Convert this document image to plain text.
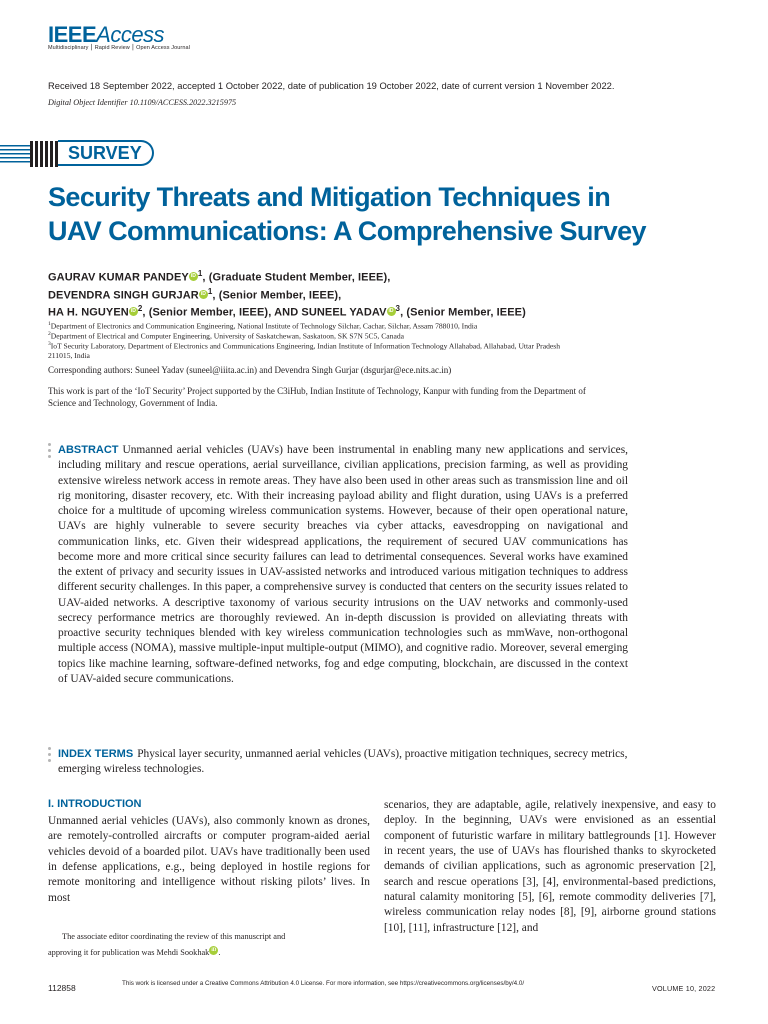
IEEEAccess
Multidisciplinary ⎮ Rapid Review ⎮ Open Access Journal
Received 18 September 2022, accepted 1 October 2022, date of publication 19 October 2022, date of current version 1 November 2022.
Digital Object Identifier 10.1109/ACCESS.2022.3215975
SURVEY
Security Threats and Mitigation Techniques in
UAV Communications: A Comprehensive Survey
GAURAV KUMAR PANDEY iD $^1$, (Graduate Student Member, IEEE),
DEVENDRA SINGH GURJAR iD $^1$, (Senior Member, IEEE),
HA H. NGUYEN iD $^2$, (Senior Member, IEEE), AND SUNEEL YADAV iD $^3$, (Senior Member, IEEE)
$^1$Department of Electronics and Communication Engineering, National Institute of Technology Silchar, Cachar, Silchar, Assam 788010, India
$^2$Department of Electrical and Computer Engineering, University of Saskatchewan, Saskatoon, SK S7N 5C5, Canada
$^3$IoT Security Laboratory, Department of Electronics and Communications Engineering, Indian Institute of Information Technology Allahabad, Allahabad, Uttar Pradesh 211015, India
Corresponding authors: Suneel Yadav (suneel@iiita.ac.in) and Devendra Singh Gurjar (dsgurjar@ece.nits.ac.in)
This work is part of the ‘IoT Security’ Project supported by the C3iHub, Indian Institute of Technology, Kanpur with funding from the Department of Science and Technology, Government of India.
ABSTRACT Unmanned aerial vehicles (UAVs) have been instrumental in enabling many new applications and services, including military and rescue operations, aerial surveillance, civilian applications, precision farming, as well as providing extensive wireless network access in remote areas. They have also been used in other areas such as transmission line and oil rig monitoring, disaster recovery, etc. With their increasing payload ability and flight duration, using UAVs is a preferred choice for a multitude of upcoming wireless communication systems. However, because of their open operational nature, UAVs are highly vulnerable to severe security breaches via cyber attacks, eavesdropping on navigational and communication links, etc. Given their widespread applications, the requirement of secured UAV communications has become more and more critical since security failures can lead to detrimental consequences. Several works have examined the extent of privacy and security issues in UAV-assisted networks and introduced various mitigation techniques to address different security challenges. In this paper, a comprehensive survey is conducted that centers on the security issues related to UAV-aided networks. A descriptive taxonomy of various security intrusions on the UAV networks and commonly-used secrecy performance metrics are thoroughly reviewed. An in-depth discussion is provided on alleviating threats with proactive security techniques blended with key wireless communication technologies such as mmWave, non-orthogonal multiple access (NOMA), massive multiple-input multiple-output (MIMO), and cognitive radio. Moreover, several emerging topics like machine learning, software-defined networks, fog and edge computing, blockchain, are discussed in the context of UAV-aided secure communications.
INDEX TERMS Physical layer security, unmanned aerial vehicles (UAVs), proactive mitigation techniques, secrecy metrics, emerging wireless technologies.
I. INTRODUCTION
Unmanned aerial vehicles (UAVs), also commonly known as drones, are remotely-controlled aircrafts or computer program-aided aerial vehicles devoid of a boarded pilot. UAVs have traditionally been used in defense applications, e.g., being deployed in hostile regions for remote monitoring and intelligence without risking pilots’ lives. In most
scenarios, they are adaptable, agile, relatively inexpensive, and easy to deploy. In the beginning, UAVs were envisioned as an essential component of futuristic warfare in military battlegrounds [1]. However in recent years, the use of UAVs has flourished thanks to skyrocketed demands of civilian applications, such as agronomic preservation [2], search and rescue operations [3], [4], environmental-based predictions, natural calamity monitoring [5], [6], remote commodity deliveries [7], wireless communication relay nodes [8], [9], airborne ground stations [10], [11], infrastructure [12], and
The associate editor coordinating the review of this manuscript and
approving it for publication was Mehdi Sookhak iD .
112858	This work is licensed under a Creative Commons Attribution 4.0 License. For more information, see https://creativecommons.org/licenses/by/4.0/
VOLUME 10, 2022
